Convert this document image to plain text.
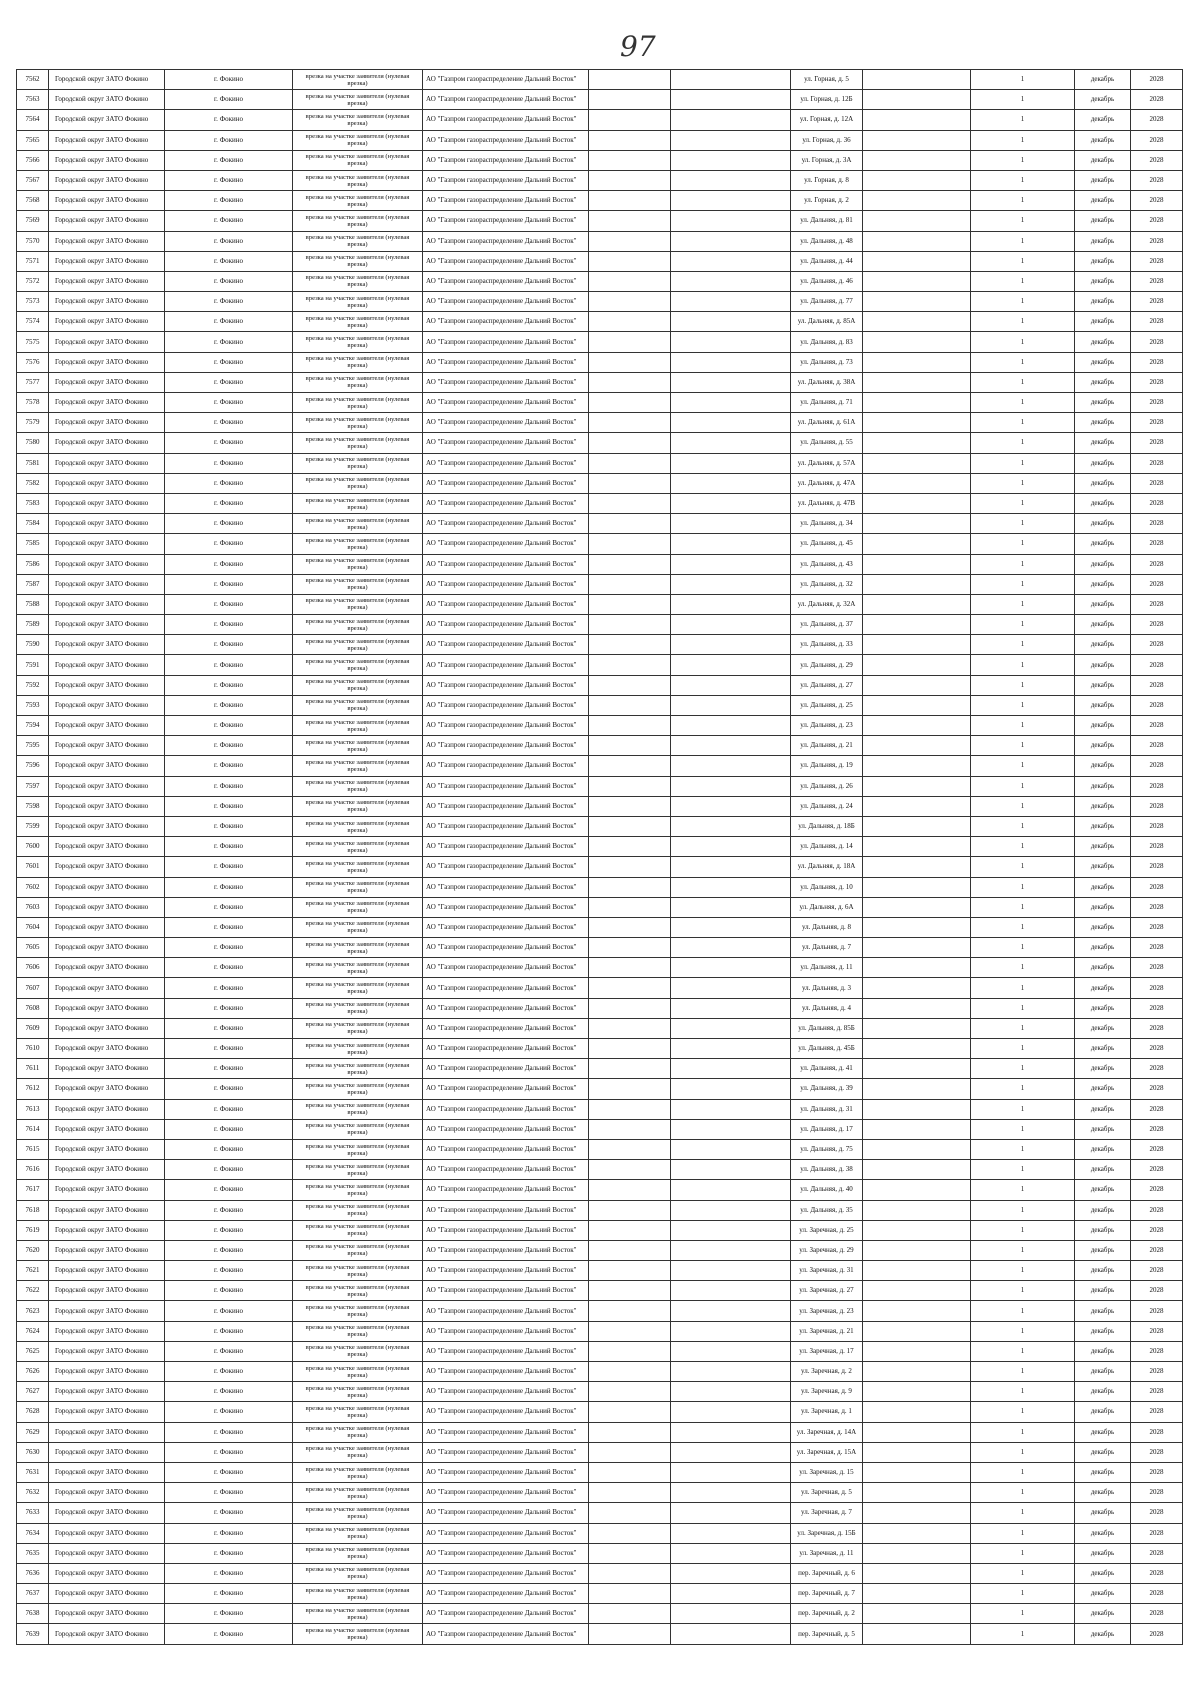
97
7562	Городской округ ЗАТО Фокино	г. Фокино	врезка на участке заявителя (нулевая врезка)	АО "Газпром газораспределение Дальний Восток"			ул. Горная, д. 5		1	декабрь	2028
7563	Городской округ ЗАТО Фокино	г. Фокино	врезка на участке заявителя (нулевая врезка)	АО "Газпром газораспределение Дальний Восток"			ул. Горная, д. 12Б		1	декабрь	2028
7564	Городской округ ЗАТО Фокино	г. Фокино	врезка на участке заявителя (нулевая врезка)	АО "Газпром газораспределение Дальний Восток"			ул. Горная, д. 12А		1	декабрь	2028
7565	Городской округ ЗАТО Фокино	г. Фокино	врезка на участке заявителя (нулевая врезка)	АО "Газпром газораспределение Дальний Восток"			ул. Горная, д. 36		1	декабрь	2028
7566	Городской округ ЗАТО Фокино	г. Фокино	врезка на участке заявителя (нулевая врезка)	АО "Газпром газораспределение Дальний Восток"			ул. Горная, д. 3А		1	декабрь	2028
7567	Городской округ ЗАТО Фокино	г. Фокино	врезка на участке заявителя (нулевая врезка)	АО "Газпром газораспределение Дальний Восток"			ул. Горная, д. 8		1	декабрь	2028
7568	Городской округ ЗАТО Фокино	г. Фокино	врезка на участке заявителя (нулевая врезка)	АО "Газпром газораспределение Дальний Восток"			ул. Горная, д. 2		1	декабрь	2028
7569	Городской округ ЗАТО Фокино	г. Фокино	врезка на участке заявителя (нулевая врезка)	АО "Газпром газораспределение Дальний Восток"			ул. Дальняя, д. 81		1	декабрь	2028
7570	Городской округ ЗАТО Фокино	г. Фокино	врезка на участке заявителя (нулевая врезка)	АО "Газпром газораспределение Дальний Восток"			ул. Дальняя, д. 48		1	декабрь	2028
7571	Городской округ ЗАТО Фокино	г. Фокино	врезка на участке заявителя (нулевая врезка)	АО "Газпром газораспределение Дальний Восток"			ул. Дальняя, д. 44		1	декабрь	2028
7572	Городской округ ЗАТО Фокино	г. Фокино	врезка на участке заявителя (нулевая врезка)	АО "Газпром газораспределение Дальний Восток"			ул. Дальняя, д. 46		1	декабрь	2028
7573	Городской округ ЗАТО Фокино	г. Фокино	врезка на участке заявителя (нулевая врезка)	АО "Газпром газораспределение Дальний Восток"			ул. Дальняя, д. 77		1	декабрь	2028
7574	Городской округ ЗАТО Фокино	г. Фокино	врезка на участке заявителя (нулевая врезка)	АО "Газпром газораспределение Дальний Восток"			ул. Дальняя, д. 85А		1	декабрь	2028
7575	Городской округ ЗАТО Фокино	г. Фокино	врезка на участке заявителя (нулевая врезка)	АО "Газпром газораспределение Дальний Восток"			ул. Дальняя, д. 83		1	декабрь	2028
7576	Городской округ ЗАТО Фокино	г. Фокино	врезка на участке заявителя (нулевая врезка)	АО "Газпром газораспределение Дальний Восток"			ул. Дальняя, д. 73		1	декабрь	2028
7577	Городской округ ЗАТО Фокино	г. Фокино	врезка на участке заявителя (нулевая врезка)	АО "Газпром газораспределение Дальний Восток"			ул. Дальняя, д. 38А		1	декабрь	2028
7578	Городской округ ЗАТО Фокино	г. Фокино	врезка на участке заявителя (нулевая врезка)	АО "Газпром газораспределение Дальний Восток"			ул. Дальняя, д. 71		1	декабрь	2028
7579	Городской округ ЗАТО Фокино	г. Фокино	врезка на участке заявителя (нулевая врезка)	АО "Газпром газораспределение Дальний Восток"			ул. Дальняя, д. 61А		1	декабрь	2028
7580	Городской округ ЗАТО Фокино	г. Фокино	врезка на участке заявителя (нулевая врезка)	АО "Газпром газораспределение Дальний Восток"			ул. Дальняя, д. 55		1	декабрь	2028
7581	Городской округ ЗАТО Фокино	г. Фокино	врезка на участке заявителя (нулевая врезка)	АО "Газпром газораспределение Дальний Восток"			ул. Дальняя, д. 57А		1	декабрь	2028
7582	Городской округ ЗАТО Фокино	г. Фокино	врезка на участке заявителя (нулевая врезка)	АО "Газпром газораспределение Дальний Восток"			ул. Дальняя, д. 47А		1	декабрь	2028
7583	Городской округ ЗАТО Фокино	г. Фокино	врезка на участке заявителя (нулевая врезка)	АО "Газпром газораспределение Дальний Восток"			ул. Дальняя, д. 47В		1	декабрь	2028
7584	Городской округ ЗАТО Фокино	г. Фокино	врезка на участке заявителя (нулевая врезка)	АО "Газпром газораспределение Дальний Восток"			ул. Дальняя, д. 34		1	декабрь	2028
7585	Городской округ ЗАТО Фокино	г. Фокино	врезка на участке заявителя (нулевая врезка)	АО "Газпром газораспределение Дальний Восток"			ул. Дальняя, д. 45		1	декабрь	2028
7586	Городской округ ЗАТО Фокино	г. Фокино	врезка на участке заявителя (нулевая врезка)	АО "Газпром газораспределение Дальний Восток"			ул. Дальняя, д. 43		1	декабрь	2028
7587	Городской округ ЗАТО Фокино	г. Фокино	врезка на участке заявителя (нулевая врезка)	АО "Газпром газораспределение Дальний Восток"			ул. Дальняя, д. 32		1	декабрь	2028
7588	Городской округ ЗАТО Фокино	г. Фокино	врезка на участке заявителя (нулевая врезка)	АО "Газпром газораспределение Дальний Восток"			ул. Дальняя, д. 32А		1	декабрь	2028
7589	Городской округ ЗАТО Фокино	г. Фокино	врезка на участке заявителя (нулевая врезка)	АО "Газпром газораспределение Дальний Восток"			ул. Дальняя, д. 37		1	декабрь	2028
7590	Городской округ ЗАТО Фокино	г. Фокино	врезка на участке заявителя (нулевая врезка)	АО "Газпром газораспределение Дальний Восток"			ул. Дальняя, д. 33		1	декабрь	2028
7591	Городской округ ЗАТО Фокино	г. Фокино	врезка на участке заявителя (нулевая врезка)	АО "Газпром газораспределение Дальний Восток"			ул. Дальняя, д. 29		1	декабрь	2028
7592	Городской округ ЗАТО Фокино	г. Фокино	врезка на участке заявителя (нулевая врезка)	АО "Газпром газораспределение Дальний Восток"			ул. Дальняя, д. 27		1	декабрь	2028
7593	Городской округ ЗАТО Фокино	г. Фокино	врезка на участке заявителя (нулевая врезка)	АО "Газпром газораспределение Дальний Восток"			ул. Дальняя, д. 25		1	декабрь	2028
7594	Городской округ ЗАТО Фокино	г. Фокино	врезка на участке заявителя (нулевая врезка)	АО "Газпром газораспределение Дальний Восток"			ул. Дальняя, д. 23		1	декабрь	2028
7595	Городской округ ЗАТО Фокино	г. Фокино	врезка на участке заявителя (нулевая врезка)	АО "Газпром газораспределение Дальний Восток"			ул. Дальняя, д. 21		1	декабрь	2028
7596	Городской округ ЗАТО Фокино	г. Фокино	врезка на участке заявителя (нулевая врезка)	АО "Газпром газораспределение Дальний Восток"			ул. Дальняя, д. 19		1	декабрь	2028
7597	Городской округ ЗАТО Фокино	г. Фокино	врезка на участке заявителя (нулевая врезка)	АО "Газпром газораспределение Дальний Восток"			ул. Дальняя, д. 26		1	декабрь	2028
7598	Городской округ ЗАТО Фокино	г. Фокино	врезка на участке заявителя (нулевая врезка)	АО "Газпром газораспределение Дальний Восток"			ул. Дальняя, д. 24		1	декабрь	2028
7599	Городской округ ЗАТО Фокино	г. Фокино	врезка на участке заявителя (нулевая врезка)	АО "Газпром газораспределение Дальний Восток"			ул. Дальняя, д. 18Б		1	декабрь	2028
7600	Городской округ ЗАТО Фокино	г. Фокино	врезка на участке заявителя (нулевая врезка)	АО "Газпром газораспределение Дальний Восток"			ул. Дальняя, д. 14		1	декабрь	2028
7601	Городской округ ЗАТО Фокино	г. Фокино	врезка на участке заявителя (нулевая врезка)	АО "Газпром газораспределение Дальний Восток"			ул. Дальняя, д. 18А		1	декабрь	2028
7602	Городской округ ЗАТО Фокино	г. Фокино	врезка на участке заявителя (нулевая врезка)	АО "Газпром газораспределение Дальний Восток"			ул. Дальняя, д. 10		1	декабрь	2028
7603	Городской округ ЗАТО Фокино	г. Фокино	врезка на участке заявителя (нулевая врезка)	АО "Газпром газораспределение Дальний Восток"			ул. Дальняя, д. 6А		1	декабрь	2028
7604	Городской округ ЗАТО Фокино	г. Фокино	врезка на участке заявителя (нулевая врезка)	АО "Газпром газораспределение Дальний Восток"			ул. Дальняя, д. 8		1	декабрь	2028
7605	Городской округ ЗАТО Фокино	г. Фокино	врезка на участке заявителя (нулевая врезка)	АО "Газпром газораспределение Дальний Восток"			ул. Дальняя, д. 7		1	декабрь	2028
7606	Городской округ ЗАТО Фокино	г. Фокино	врезка на участке заявителя (нулевая врезка)	АО "Газпром газораспределение Дальний Восток"			ул. Дальняя, д. 11		1	декабрь	2028
7607	Городской округ ЗАТО Фокино	г. Фокино	врезка на участке заявителя (нулевая врезка)	АО "Газпром газораспределение Дальний Восток"			ул. Дальняя, д. 3		1	декабрь	2028
7608	Городской округ ЗАТО Фокино	г. Фокино	врезка на участке заявителя (нулевая врезка)	АО "Газпром газораспределение Дальний Восток"			ул. Дальняя, д. 4		1	декабрь	2028
7609	Городской округ ЗАТО Фокино	г. Фокино	врезка на участке заявителя (нулевая врезка)	АО "Газпром газораспределение Дальний Восток"			ул. Дальняя, д. 85Б		1	декабрь	2028
7610	Городской округ ЗАТО Фокино	г. Фокино	врезка на участке заявителя (нулевая врезка)	АО "Газпром газораспределение Дальний Восток"			ул. Дальняя, д. 45Б		1	декабрь	2028
7611	Городской округ ЗАТО Фокино	г. Фокино	врезка на участке заявителя (нулевая врезка)	АО "Газпром газораспределение Дальний Восток"			ул. Дальняя, д. 41		1	декабрь	2028
7612	Городской округ ЗАТО Фокино	г. Фокино	врезка на участке заявителя (нулевая врезка)	АО "Газпром газораспределение Дальний Восток"			ул. Дальняя, д. 39		1	декабрь	2028
7613	Городской округ ЗАТО Фокино	г. Фокино	врезка на участке заявителя (нулевая врезка)	АО "Газпром газораспределение Дальний Восток"			ул. Дальняя, д. 31		1	декабрь	2028
7614	Городской округ ЗАТО Фокино	г. Фокино	врезка на участке заявителя (нулевая врезка)	АО "Газпром газораспределение Дальний Восток"			ул. Дальняя, д. 17		1	декабрь	2028
7615	Городской округ ЗАТО Фокино	г. Фокино	врезка на участке заявителя (нулевая врезка)	АО "Газпром газораспределение Дальний Восток"			ул. Дальняя, д. 75		1	декабрь	2028
7616	Городской округ ЗАТО Фокино	г. Фокино	врезка на участке заявителя (нулевая врезка)	АО "Газпром газораспределение Дальний Восток"			ул. Дальняя, д. 38		1	декабрь	2028
7617	Городской округ ЗАТО Фокино	г. Фокино	врезка на участке заявителя (нулевая врезка)	АО "Газпром газораспределение Дальний Восток"			ул. Дальняя, д. 40		1	декабрь	2028
7618	Городской округ ЗАТО Фокино	г. Фокино	врезка на участке заявителя (нулевая врезка)	АО "Газпром газораспределение Дальний Восток"			ул. Дальняя, д. 35		1	декабрь	2028
7619	Городской округ ЗАТО Фокино	г. Фокино	врезка на участке заявителя (нулевая врезка)	АО "Газпром газораспределение Дальний Восток"			ул. Заречная, д. 25		1	декабрь	2028
7620	Городской округ ЗАТО Фокино	г. Фокино	врезка на участке заявителя (нулевая врезка)	АО "Газпром газораспределение Дальний Восток"			ул. Заречная, д. 29		1	декабрь	2028
7621	Городской округ ЗАТО Фокино	г. Фокино	врезка на участке заявителя (нулевая врезка)	АО "Газпром газораспределение Дальний Восток"			ул. Заречная, д. 31		1	декабрь	2028
7622	Городской округ ЗАТО Фокино	г. Фокино	врезка на участке заявителя (нулевая врезка)	АО "Газпром газораспределение Дальний Восток"			ул. Заречная, д. 27		1	декабрь	2028
7623	Городской округ ЗАТО Фокино	г. Фокино	врезка на участке заявителя (нулевая врезка)	АО "Газпром газораспределение Дальний Восток"			ул. Заречная, д. 23		1	декабрь	2028
7624	Городской округ ЗАТО Фокино	г. Фокино	врезка на участке заявителя (нулевая врезка)	АО "Газпром газораспределение Дальний Восток"			ул. Заречная, д. 21		1	декабрь	2028
7625	Городской округ ЗАТО Фокино	г. Фокино	врезка на участке заявителя (нулевая врезка)	АО "Газпром газораспределение Дальний Восток"			ул. Заречная, д. 17		1	декабрь	2028
7626	Городской округ ЗАТО Фокино	г. Фокино	врезка на участке заявителя (нулевая врезка)	АО "Газпром газораспределение Дальний Восток"			ул. Заречная, д. 2		1	декабрь	2028
7627	Городской округ ЗАТО Фокино	г. Фокино	врезка на участке заявителя (нулевая врезка)	АО "Газпром газораспределение Дальний Восток"			ул. Заречная, д. 9		1	декабрь	2028
7628	Городской округ ЗАТО Фокино	г. Фокино	врезка на участке заявителя (нулевая врезка)	АО "Газпром газораспределение Дальний Восток"			ул. Заречная, д. 1		1	декабрь	2028
7629	Городской округ ЗАТО Фокино	г. Фокино	врезка на участке заявителя (нулевая врезка)	АО "Газпром газораспределение Дальний Восток"			ул. Заречная, д. 14А		1	декабрь	2028
7630	Городской округ ЗАТО Фокино	г. Фокино	врезка на участке заявителя (нулевая врезка)	АО "Газпром газораспределение Дальний Восток"			ул. Заречная, д. 15А		1	декабрь	2028
7631	Городской округ ЗАТО Фокино	г. Фокино	врезка на участке заявителя (нулевая врезка)	АО "Газпром газораспределение Дальний Восток"			ул. Заречная, д. 15		1	декабрь	2028
7632	Городской округ ЗАТО Фокино	г. Фокино	врезка на участке заявителя (нулевая врезка)	АО "Газпром газораспределение Дальний Восток"			ул. Заречная, д. 5		1	декабрь	2028
7633	Городской округ ЗАТО Фокино	г. Фокино	врезка на участке заявителя (нулевая врезка)	АО "Газпром газораспределение Дальний Восток"			ул. Заречная, д. 7		1	декабрь	2028
7634	Городской округ ЗАТО Фокино	г. Фокино	врезка на участке заявителя (нулевая врезка)	АО "Газпром газораспределение Дальний Восток"			ул. Заречная, д. 15Б		1	декабрь	2028
7635	Городской округ ЗАТО Фокино	г. Фокино	врезка на участке заявителя (нулевая врезка)	АО "Газпром газораспределение Дальний Восток"			ул. Заречная, д. 11		1	декабрь	2028
7636	Городской округ ЗАТО Фокино	г. Фокино	врезка на участке заявителя (нулевая врезка)	АО "Газпром газораспределение Дальний Восток"			пер. Заречный, д. 6		1	декабрь	2028
7637	Городской округ ЗАТО Фокино	г. Фокино	врезка на участке заявителя (нулевая врезка)	АО "Газпром газораспределение Дальний Восток"			пер. Заречный, д. 7		1	декабрь	2028
7638	Городской округ ЗАТО Фокино	г. Фокино	врезка на участке заявителя (нулевая врезка)	АО "Газпром газораспределение Дальний Восток"			пер. Заречный, д. 2		1	декабрь	2028
7639	Городской округ ЗАТО Фокино	г. Фокино	врезка на участке заявителя (нулевая врезка)	АО "Газпром газораспределение Дальний Восток"			пер. Заречный, д. 5		1	декабрь	2028
